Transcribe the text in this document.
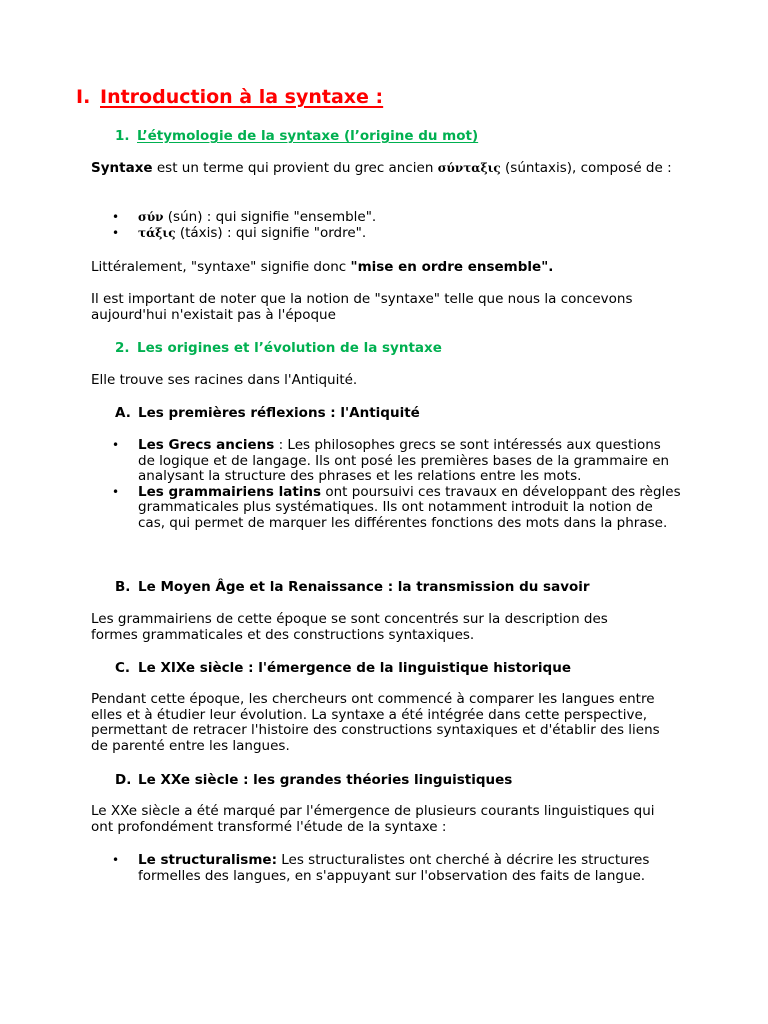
I. Introduction à la syntaxe :
1. L’étymologie de la syntaxe (l’origine du mot)

Syntaxe est un terme qui provient du grec ancien σύνταξις (súntaxis), composé de :

• σύν (sún) : qui signifie "ensemble".
• τάξις (táxis) : qui signifie "ordre".

Littéralement, "syntaxe" signifie donc "mise en ordre ensemble".

Il est important de noter que la notion de "syntaxe" telle que nous la concevons aujourd'hui n'existait pas à l'époque

2. Les origines et l’évolution de la syntaxe

Elle trouve ses racines dans l'Antiquité.

A. Les premières réflexions : l'Antiquité
• Les Grecs anciens : Les philosophes grecs se sont intéressés aux questions de logique et de langage. Ils ont posé les premières bases de la grammaire en analysant la structure des phrases et les relations entre les mots.
• Les grammairiens latins ont poursuivi ces travaux en développant des règles grammaticales plus systématiques. Ils ont notamment introduit la notion de cas, qui permet de marquer les différentes fonctions des mots dans la phrase.
B. Le Moyen Âge et la Renaissance : la transmission du savoir

Les grammairiens de cette époque se sont concentrés sur la description des formes grammaticales et des constructions syntaxiques.

C. Le XIXe siècle : l'émergence de la linguistique historique

Pendant cette époque, les chercheurs ont commencé à comparer les langues entre elles et à étudier leur évolution. La syntaxe a été intégrée dans cette perspective, permettant de retracer l'histoire des constructions syntaxiques et d'établir des liens de parenté entre les langues.

D. Le XXe siècle : les grandes théories linguistiques

Le XXe siècle a été marqué par l'émergence de plusieurs courants linguistiques qui ont profondément transformé l'étude de la syntaxe :

• Le structuralisme: Les structuralistes ont cherché à décrire les structures formelles des langues, en s'appuyant sur l'observation des faits de langue.
